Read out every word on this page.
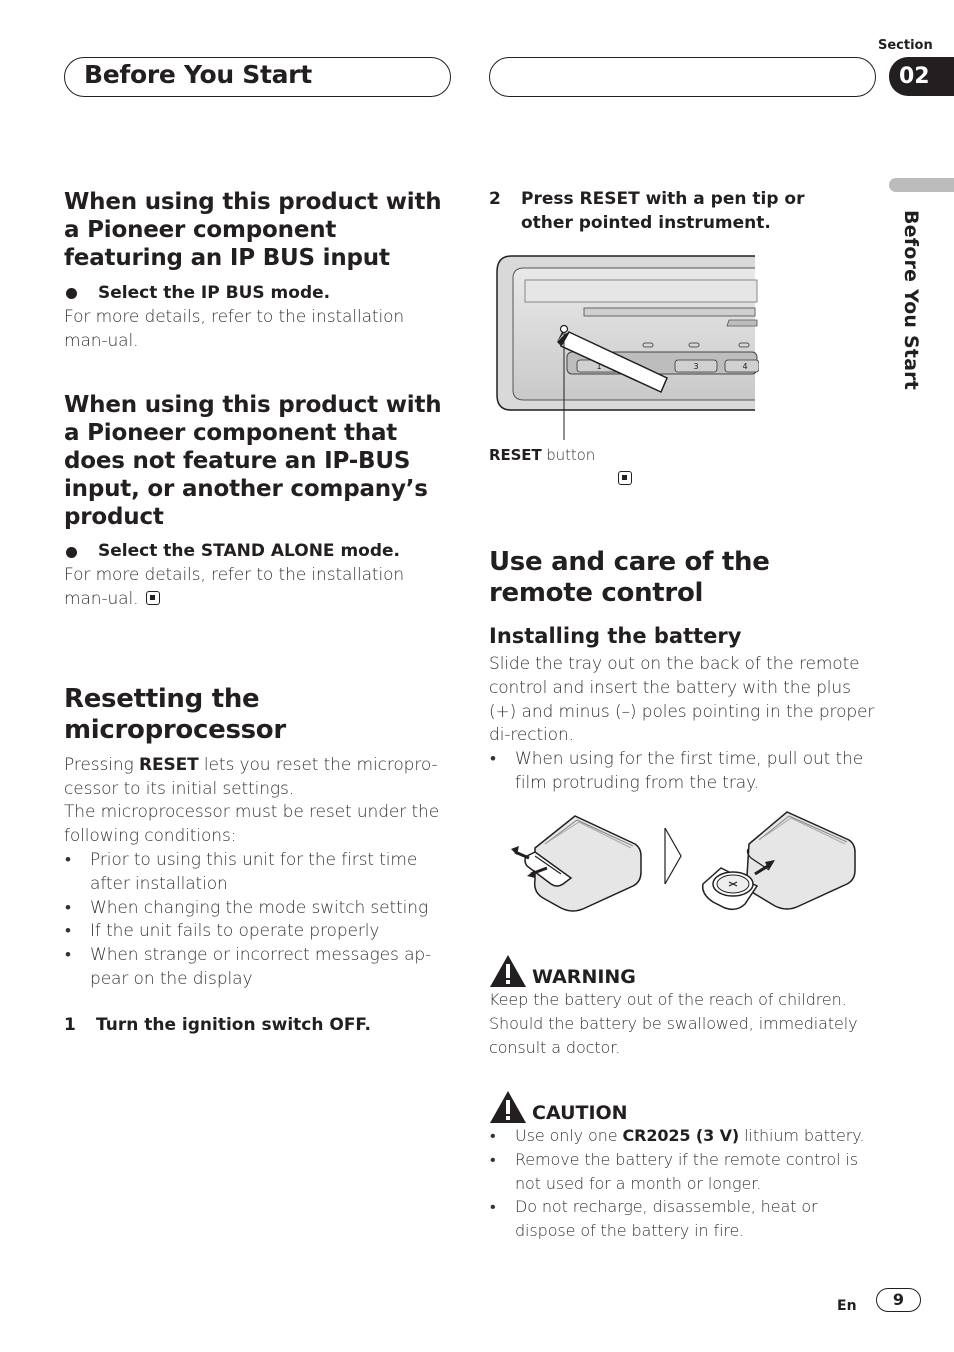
Before You Start
Section
02
Before You Start
When using this product with a Pioneer component featuring an IP BUS input
Select the IP BUS mode.
For more details, refer to the installation man-ual.
When using this product with a Pioneer component that does not feature an IP-BUS input, or another company’s product
Select the STAND ALONE mode.
For more details, refer to the installation man-ual.
Resetting the microprocessor
Pressing RESET lets you reset the micropro-cessor to its initial settings.
The microprocessor must be reset under the following conditions:
• Prior to using this unit for the first time after installation
• When changing the mode switch setting
• If the unit fails to operate properly
• When strange or incorrect messages ap-pear on the display
1	Turn the ignition switch OFF.
2	Press RESET with a pen tip or other pointed instrument.
1	3	4
RESET button
Use and care of the remote control
Installing the battery
Slide the tray out on the back of the remote control and insert the battery with the plus (+) and minus (–) poles pointing in the proper di-rection.
• When using for the first time, pull out the film protruding from the tray.
WARNING
Keep the battery out of the reach of children. Should the battery be swallowed, immediately consult a doctor.
CAUTION
• Use only one CR2025 (3 V) lithium battery.
• Remove the battery if the remote control is not used for a month or longer.
• Do not recharge, disassemble, heat or dispose of the battery in fire.
En	9
